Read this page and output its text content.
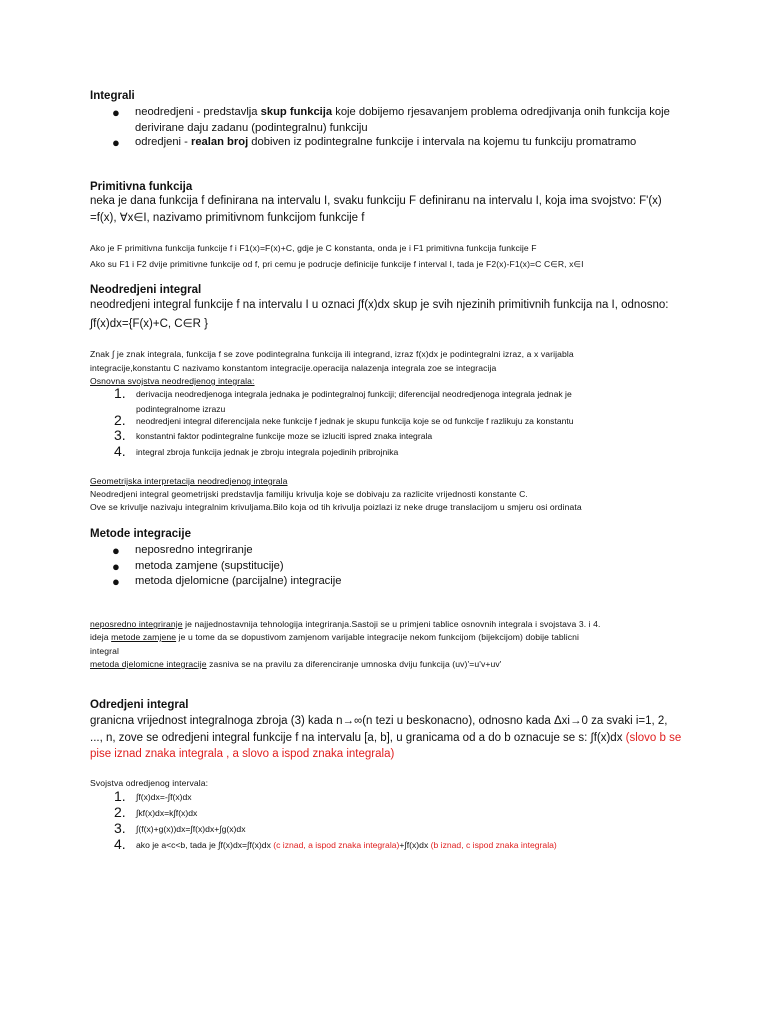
Integrali
● neodredjeni - predstavlja skup funkcija koje dobijemo rjesavanjem problema odredjivanja onih funkcija koje
derivirane daju zadanu (podintegralnu) funkciju
● odredjeni - realan broj dobiven iz podintegralne funkcije i intervala na kojemu tu funkciju promatramo
Primitivna funkcija
neka je dana funkcija f definirana na intervalu I, svaku funkciju F definiranu na intervalu I, koja ima svojstvo: F'(x)
=f(x), ∀x∈I, nazivamo primitivnom funkcijom funkcije f
Ako je F primitivna funkcija funkcije f i F1(x)=F(x)+C, gdje je C konstanta, onda je i F1 primitivna funkcija funkcije F
Ako su F1 i F2 dvije primitivne funkcije od f, pri cemu je podrucje definicije funkcije f interval I, tada je F2(x)-F1(x)=C C∈R, x∈I
Neodredjeni integral
neodredjeni integral funkcije f na intervalu I u oznaci ∫f(x)dx skup je svih njezinih primitivnih funkcija na I, odnosno:
∫f(x)dx={F(x)+C, C∈R }
Znak ∫ je znak integrala, funkcija f se zove podintegralna funkcija ili integrand, izraz f(x)dx je podintegralni izraz, a x varijabla
integracije,konstantu C nazivamo konstantom integracije.operacija nalazenja integrala zoe se integracija
Osnovna svojstva neodredjenog integrala:
1. derivacija neodredjenoga integrala jednaka je podintegralnoj funkciji; diferencijal neodredjenoga integrala jednak je
podintegralnome izrazu
2. neodredjeni integral diferencijala neke funkcije f jednak je skupu funkcija koje se od funkcije f razlikuju za konstantu
3. konstantni faktor podintegralne funkcije moze se izluciti ispred znaka integrala
4. integral zbroja funkcija jednak je zbroju integrala pojedinih pribrojnika
Geometrijska interpretacija neodredjenog integrala
Neodredjeni integral geometrijski predstavlja familiju krivulja koje se dobivaju za razlicite vrijednosti konstante C.
Ove se krivulje nazivaju integralnim krivuljama.Bilo koja od tih krivulja poizlazi iz neke druge translacijom u smjeru osi ordinata
Metode integracije
● neposredno integriranje
● metoda zamjene (supstitucije)
● metoda djelomicne (parcijalne) integracije
neposredno integriranje je najjednostavnija tehnologija integriranja.Sastoji se u primjeni tablice osnovnih integrala i svojstava 3. i 4.
ideja metode zamjene je u tome da se dopustivom zamjenom varijable integracije nekom funkcijom (bijekcijom) dobije tablicni
integral
metoda djelomicne integracije zasniva se na pravilu za diferenciranje umnoska dviju funkcija (uv)'=u'v+uv'
Odredjeni integral
granicna vrijednost integralnoga zbroja (3) kada n→∞(n tezi u beskonacno), odnosno kada Δxi→0 za svaki i=1, 2,
..., n, zove se odredjeni integral funkcije f na intervalu [a, b], u granicama od a do b oznacuje se s: ∫f(x)dx (slovo b se
pise iznad znaka integrala , a slovo a ispod znaka integrala)
Svojstva odredjenog intervala:
1. ∫f(x)dx=-∫f(x)dx
2. ∫kf(x)dx=k∫f(x)dx
3. ∫(f(x)+g(x))dx=∫f(x)dx+∫g(x)dx
4. ako je a<c<b, tada je ∫f(x)dx=∫f(x)dx (c iznad, a ispod znaka integrala)+∫f(x)dx (b iznad, c ispod znaka integrala)
